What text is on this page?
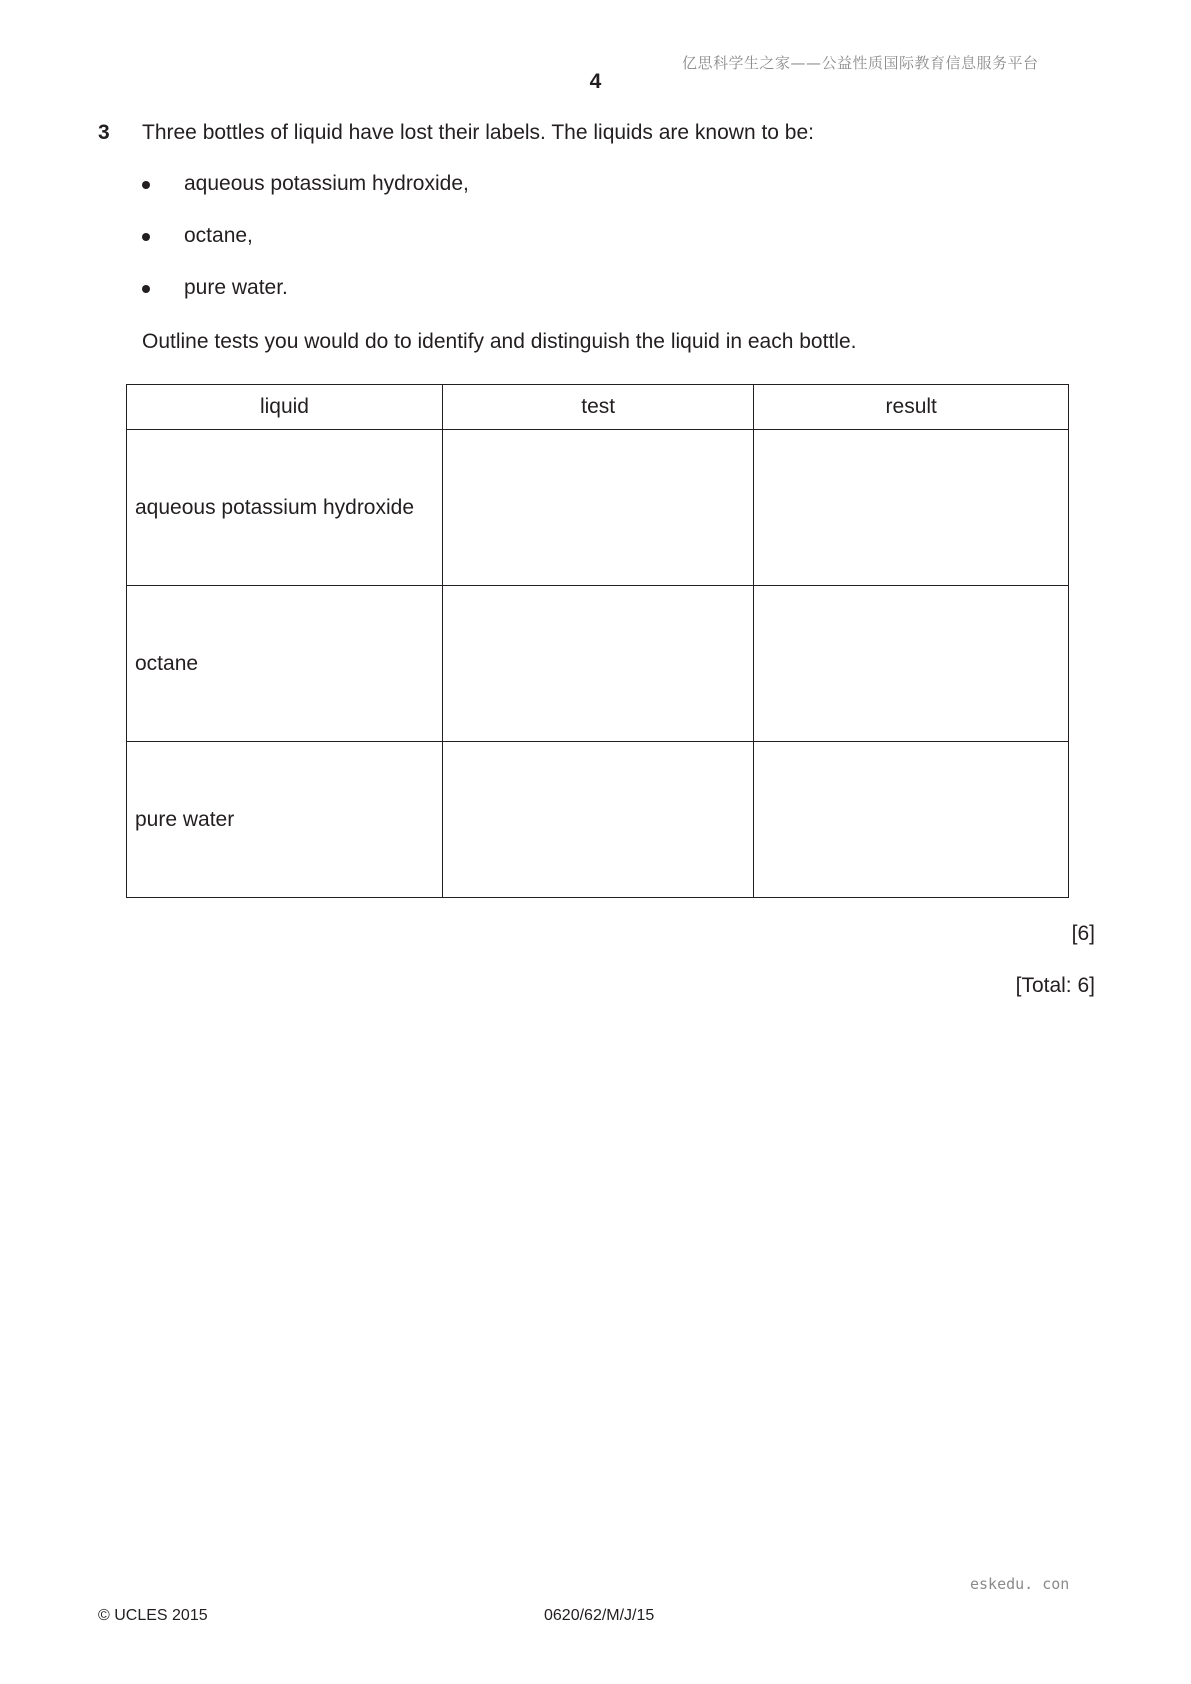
亿思科学生之家——公益性质国际教育信息服务平台
4
3 Three bottles of liquid have lost their labels. The liquids are known to be:
aqueous potassium hydroxide,
octane,
pure water.
Outline tests you would do to identify and distinguish the liquid in each bottle.
liquid	test	result
aqueous potassium hydroxide		
octane		
pure water		
[6]
[Total: 6]
eskedu. con
© UCLES 2015	0620/62/M/J/15
